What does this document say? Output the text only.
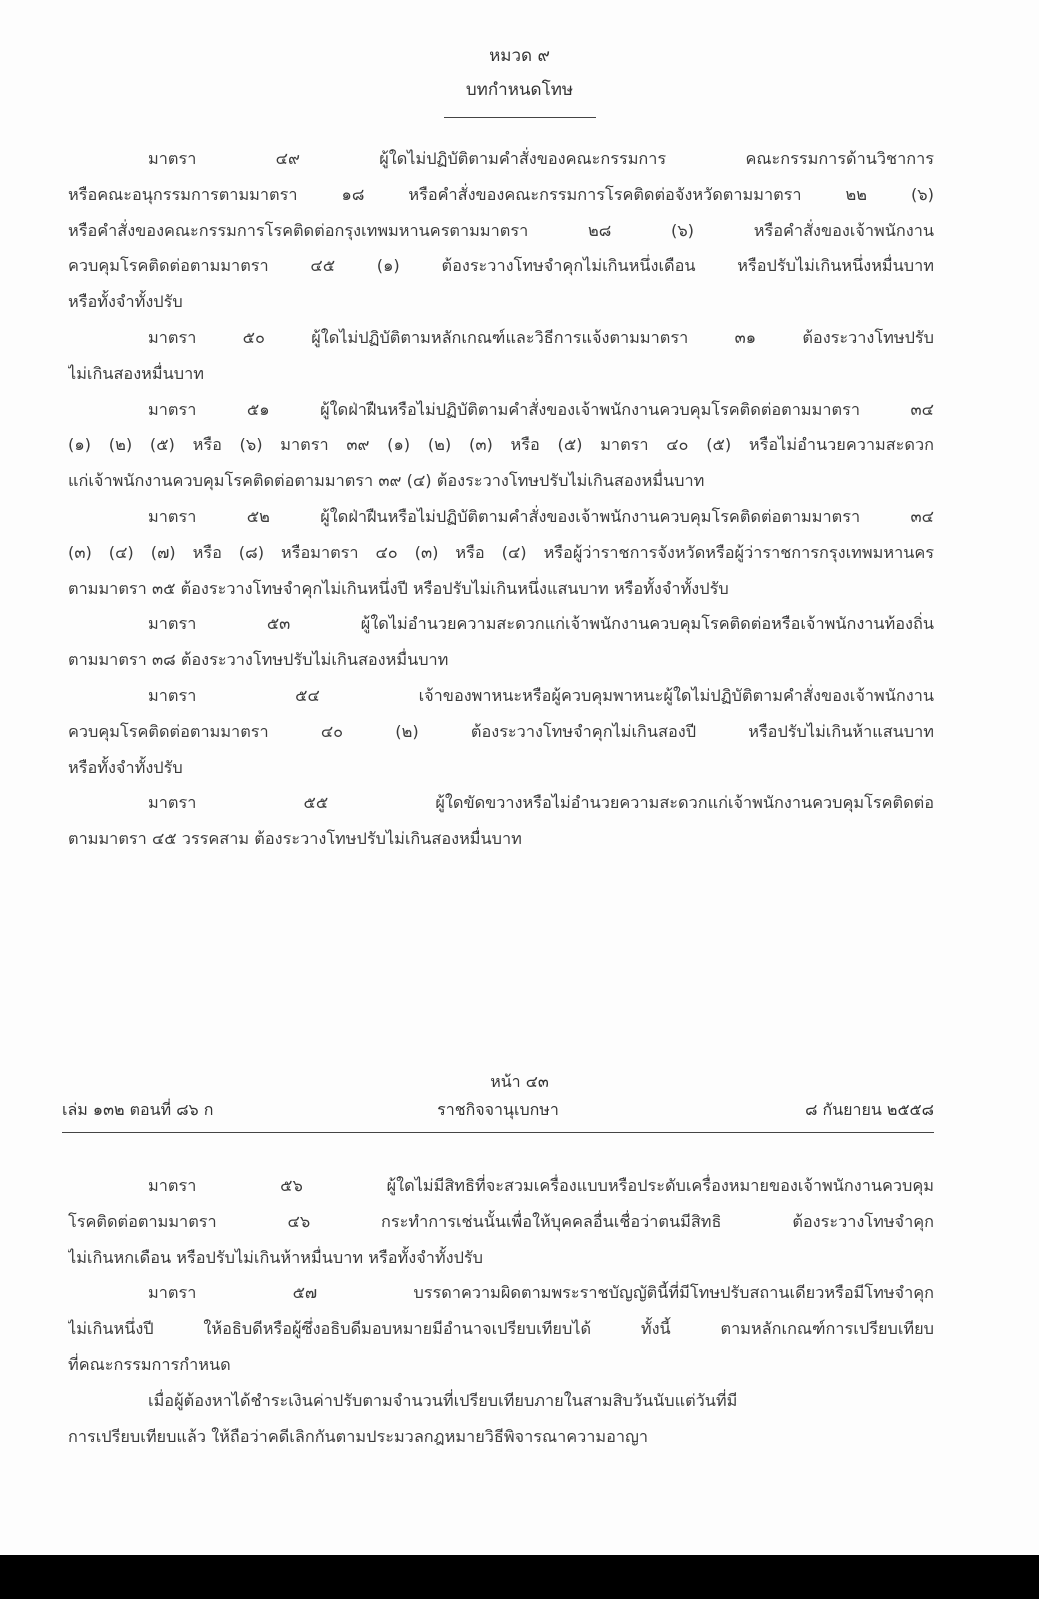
หมวด ๙
บทกำหนดโทษ
มาตรา ๔๙ ผู้ใดไม่ปฏิบัติตามคำสั่งของคณะกรรมการ คณะกรรมการด้านวิชาการ
หรือคณะอนุกรรมการตามมาตรา ๑๘ หรือคำสั่งของคณะกรรมการโรคติดต่อจังหวัดตามมาตรา ๒๒ (๖)
หรือคำสั่งของคณะกรรมการโรคติดต่อกรุงเทพมหานครตามมาตรา ๒๘ (๖) หรือคำสั่งของเจ้าพนักงาน
ควบคุมโรคติดต่อตามมาตรา ๔๕ (๑) ต้องระวางโทษจำคุกไม่เกินหนึ่งเดือน หรือปรับไม่เกินหนึ่งหมื่นบาท
หรือทั้งจำทั้งปรับ
มาตรา ๕๐ ผู้ใดไม่ปฏิบัติตามหลักเกณฑ์และวิธีการแจ้งตามมาตรา ๓๑ ต้องระวางโทษปรับ
ไม่เกินสองหมื่นบาท
มาตรา ๕๑ ผู้ใดฝ่าฝืนหรือไม่ปฏิบัติตามคำสั่งของเจ้าพนักงานควบคุมโรคติดต่อตามมาตรา ๓๔
(๑) (๒) (๕) หรือ (๖) มาตรา ๓๙ (๑) (๒) (๓) หรือ (๕) มาตรา ๔๐ (๕) หรือไม่อำนวยความสะดวก
แก่เจ้าพนักงานควบคุมโรคติดต่อตามมาตรา ๓๙ (๔) ต้องระวางโทษปรับไม่เกินสองหมื่นบาท
มาตรา ๕๒ ผู้ใดฝ่าฝืนหรือไม่ปฏิบัติตามคำสั่งของเจ้าพนักงานควบคุมโรคติดต่อตามมาตรา ๓๔
(๓) (๔) (๗) หรือ (๘) หรือมาตรา ๔๐ (๓) หรือ (๔) หรือผู้ว่าราชการจังหวัดหรือผู้ว่าราชการกรุงเทพมหานคร
ตามมาตรา ๓๕ ต้องระวางโทษจำคุกไม่เกินหนึ่งปี หรือปรับไม่เกินหนึ่งแสนบาท หรือทั้งจำทั้งปรับ
มาตรา ๕๓ ผู้ใดไม่อำนวยความสะดวกแก่เจ้าพนักงานควบคุมโรคติดต่อหรือเจ้าพนักงานท้องถิ่น
ตามมาตรา ๓๘ ต้องระวางโทษปรับไม่เกินสองหมื่นบาท
มาตรา ๕๔ เจ้าของพาหนะหรือผู้ควบคุมพาหนะผู้ใดไม่ปฏิบัติตามคำสั่งของเจ้าพนักงาน
ควบคุมโรคติดต่อตามมาตรา ๔๐ (๒) ต้องระวางโทษจำคุกไม่เกินสองปี หรือปรับไม่เกินห้าแสนบาท
หรือทั้งจำทั้งปรับ
มาตรา ๕๕ ผู้ใดขัดขวางหรือไม่อำนวยความสะดวกแก่เจ้าพนักงานควบคุมโรคติดต่อ
ตามมาตรา ๔๕ วรรคสาม ต้องระวางโทษปรับไม่เกินสองหมื่นบาท
หน้า ๔๓
เล่ม ๑๓๒ ตอนที่ ๘๖ ก	ราชกิจจานุเบกษา	๘ กันยายน ๒๕๕๘
มาตรา ๕๖ ผู้ใดไม่มีสิทธิที่จะสวมเครื่องแบบหรือประดับเครื่องหมายของเจ้าพนักงานควบคุม
โรคติดต่อตามมาตรา ๔๖ กระทำการเช่นนั้นเพื่อให้บุคคลอื่นเชื่อว่าตนมีสิทธิ ต้องระวางโทษจำคุก
ไม่เกินหกเดือน หรือปรับไม่เกินห้าหมื่นบาท หรือทั้งจำทั้งปรับ
มาตรา ๕๗ บรรดาความผิดตามพระราชบัญญัตินี้ที่มีโทษปรับสถานเดียวหรือมีโทษจำคุก
ไม่เกินหนึ่งปี ให้อธิบดีหรือผู้ซึ่งอธิบดีมอบหมายมีอำนาจเปรียบเทียบได้ ทั้งนี้ ตามหลักเกณฑ์การเปรียบเทียบ
ที่คณะกรรมการกำหนด
เมื่อผู้ต้องหาได้ชำระเงินค่าปรับตามจำนวนที่เปรียบเทียบภายในสามสิบวันนับแต่วันที่มี
การเปรียบเทียบแล้ว ให้ถือว่าคดีเลิกกันตามประมวลกฎหมายวิธีพิจารณาความอาญา
